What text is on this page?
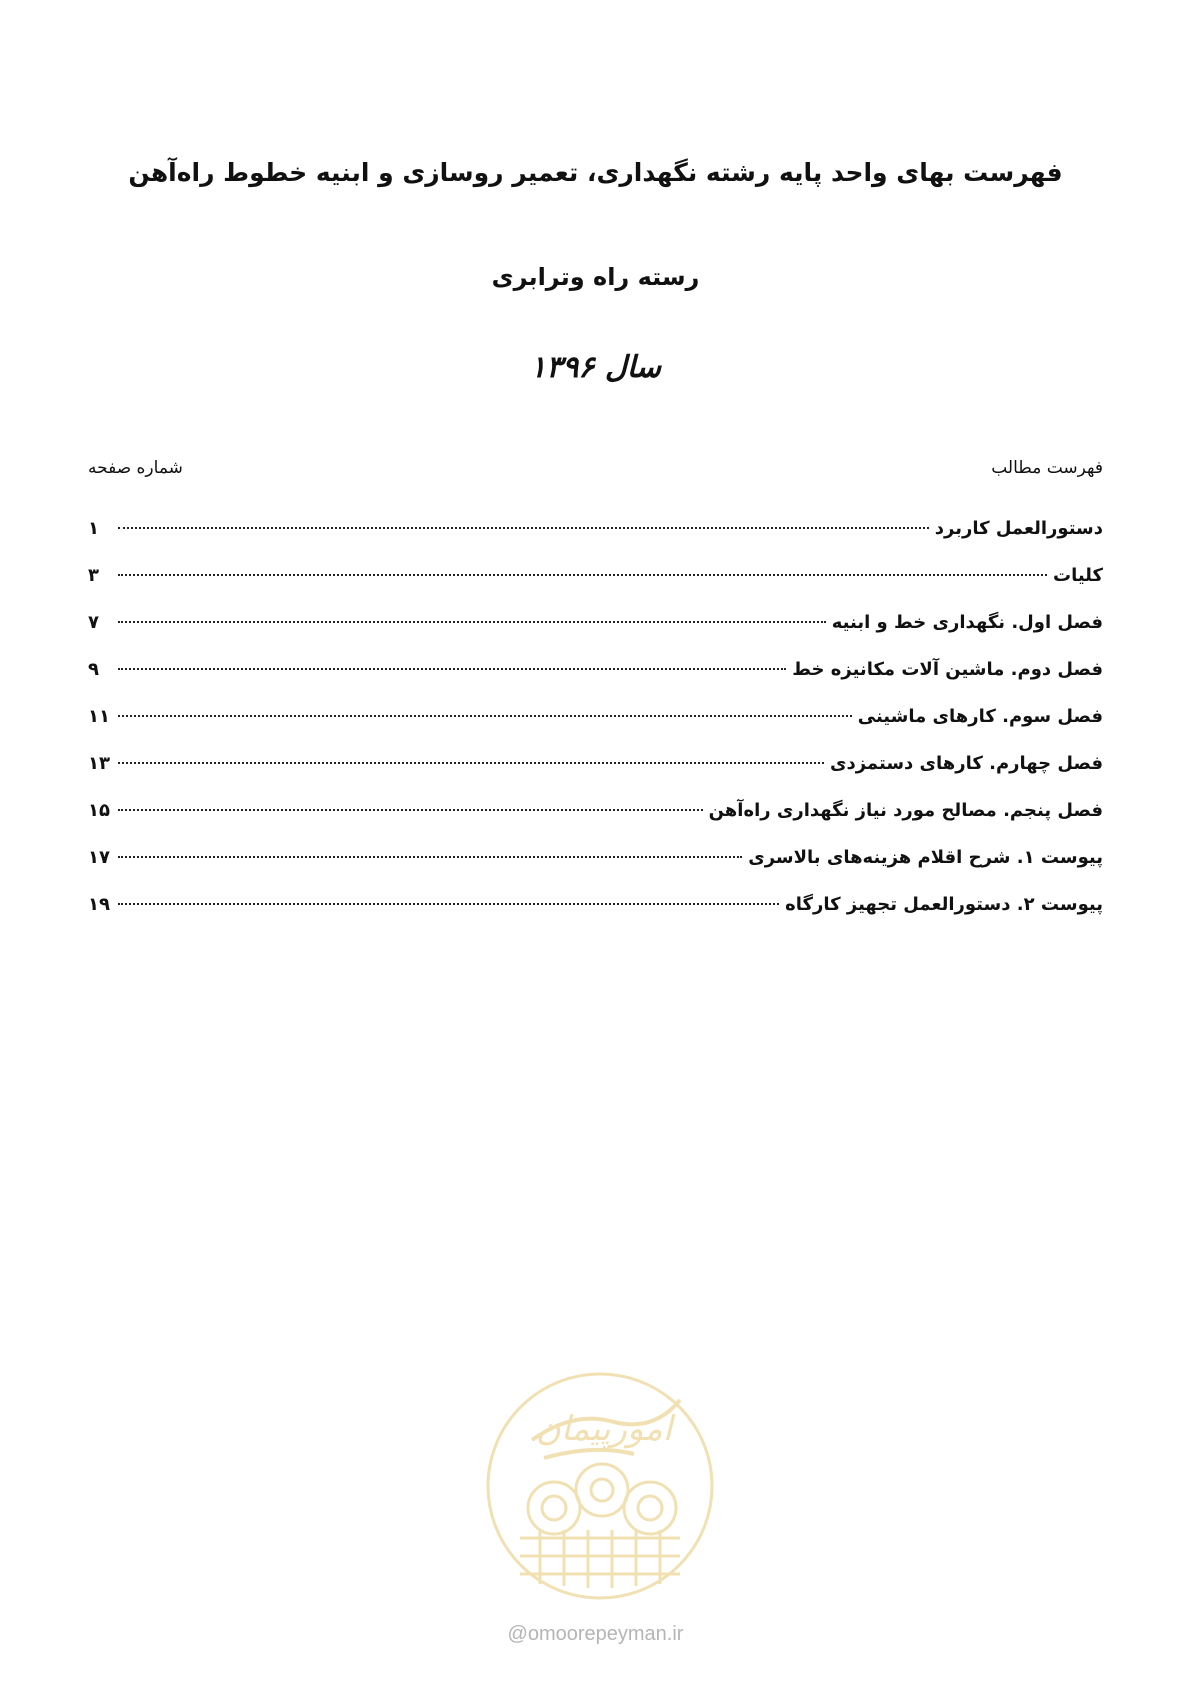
فهرست بهای واحد پایه رشته نگهداری، تعمیر روسازی و ابنیه خطوط راه‌آهن
رسته راه وترابری
سال ۱۳۹۶
فهرست مطالب
شماره صفحه
دستورالعمل کاربرد
۱
کلیات
۳
فصل اول. نگهداری خط و ابنیه
۷
فصل دوم. ماشین آلات مکانیزه خط
۹
فصل سوم. کارهای ماشینی
۱۱
فصل چهارم. کارهای دستمزدی
۱۳
فصل پنجم. مصالح مورد نیاز نگهداری راه‌آهن
۱۵
پیوست ۱. شرح اقلام هزینه‌های بالاسری
۱۷
پیوست ۲. دستورالعمل تجهیز کارگاه
۱۹
امورپیمان
@omoorepeyman.ir
